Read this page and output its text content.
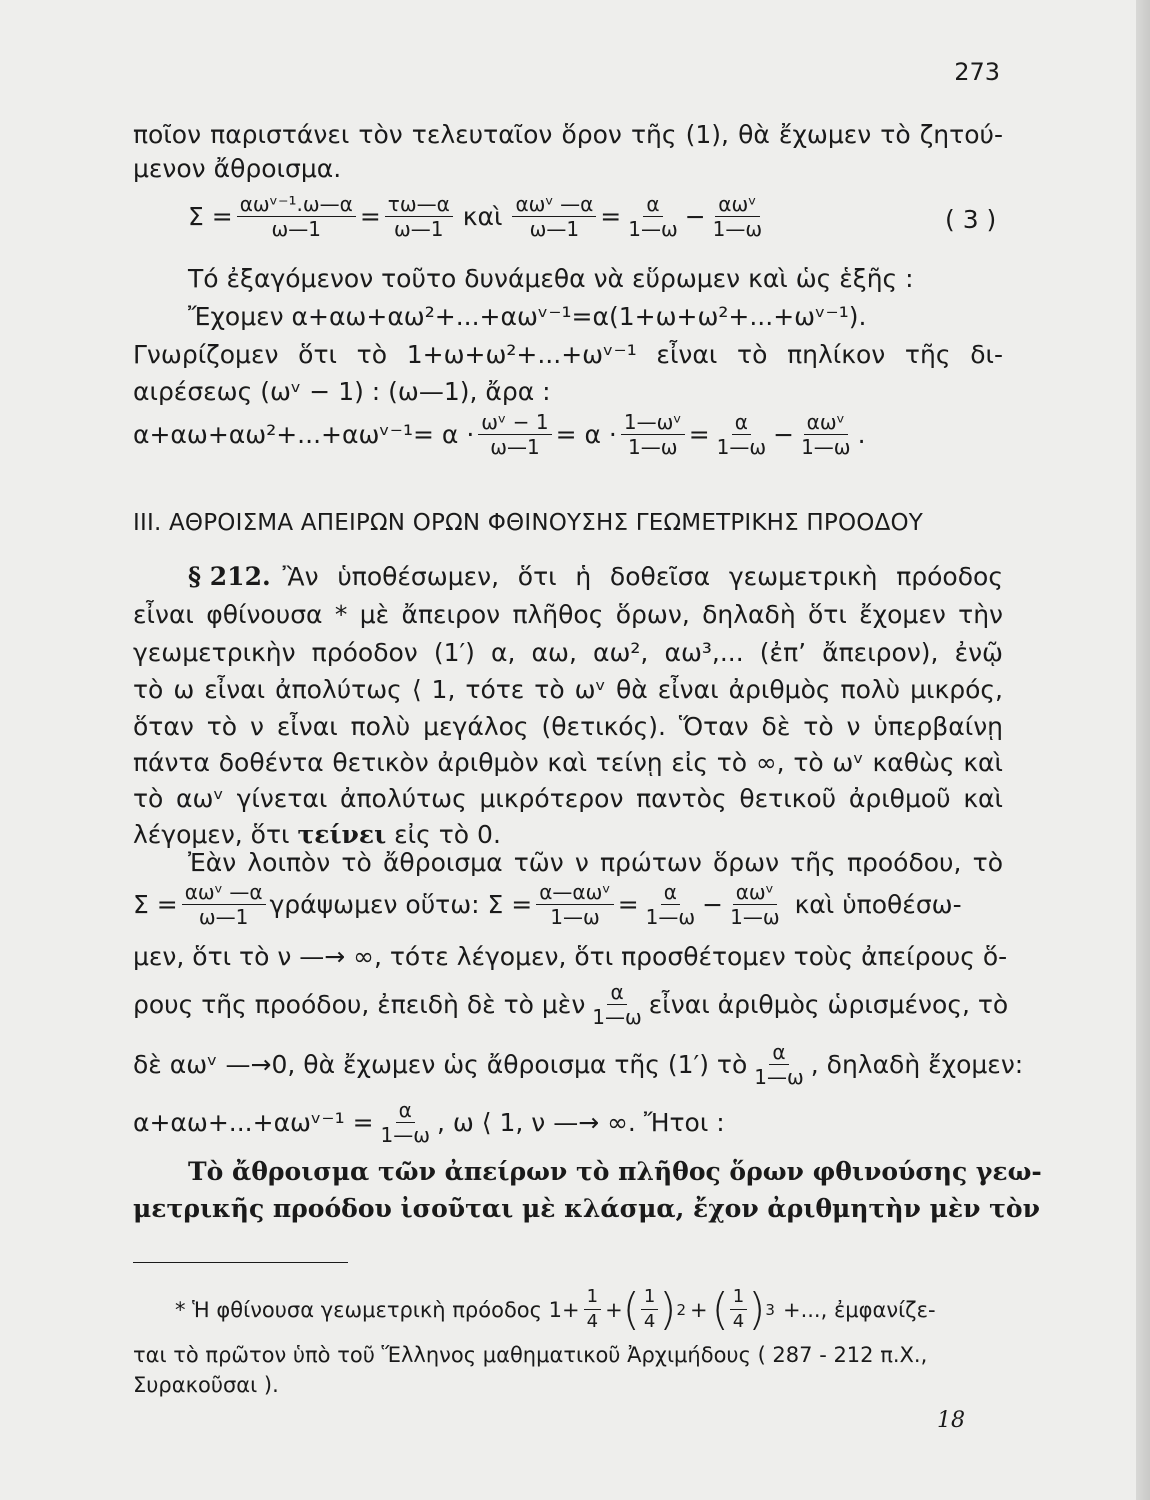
273
ποῖον παριστάνει τὸν τελευταῖον ὅρον τῆς (1), θὰ ἔχωμεν τὸ ζητού-
μενον ἄθροισμα.
$\Sigma = \frac{\text{αωᵛ⁻¹.ω—α}}{\omega—1} = \frac{\tau\omega—\alpha}{\omega—1}$ καὶ $\frac{\text{αωᵛ —α}}{\omega—1} = \frac{\alpha}{1—\omega} - \frac{\text{αωᵛ}}{1—\omega}$	( 3 )
Τό ἐξαγόμενον τοῦτο δυνάμεθα νὰ εὕρωμεν καὶ ὡς ἑξῆς :
Ἔχομεν α+αω+αω²+...+αωᵛ⁻¹=α(1+ω+ω²+...+ωᵛ⁻¹).
Γνωρίζομεν ὅτι τὸ 1+ω+ω²+...+ωᵛ⁻¹ εἶναι τὸ πηλίκον τῆς δι-
αιρέσεως (ωᵛ − 1) : (ω—1), ἄρα :
α+αω+αω²+...+αωᵛ⁻¹= $\alpha \cdot \frac{\text{ωᵛ − 1}}{\omega—1} = \alpha \cdot \frac{\text{1—ωᵛ}}{1—\omega} = \frac{\alpha}{1—\omega} - \frac{\text{αωᵛ}}{1—\omega}$ .
III. ΑΘΡΟΙΣΜΑ ΑΠΕΙΡΩΝ ΟΡΩΝ ΦΘΙΝΟΥΣΗΣ ΓΕΩΜΕΤΡΙΚΗΣ ΠΡΟΟΔΟΥ
§ 212. Ἂν ὑποθέσωμεν, ὅτι ἡ δοθεῖσα γεωμετρικὴ πρόοδος
εἶναι φθίνουσα * μὲ ἄπειρον πλῆθος ὅρων, δηλαδὴ ὅτι ἔχομεν τὴν
γεωμετρικὴν πρόοδον (1′) α, αω, αω², αω³,... (ἐπ’ ἄπειρον), ἐνῷ
τὸ ω εἶναι ἀπολύτως ⟨ 1, τότε τὸ ωᵛ θὰ εἶναι ἀριθμὸς πολὺ μικρός,
ὅταν τὸ ν εἶναι πολὺ μεγάλος (θετικός). Ὅταν δὲ τὸ ν ὑπερβαίνῃ
πάντα δοθέντα θετικὸν ἀριθμὸν καὶ τείνῃ εἰς τὸ ∞, τὸ ωᵛ καθὼς καὶ
τὸ αωᵛ γίνεται ἀπολύτως μικρότερον παντὸς θετικοῦ ἀριθμοῦ καὶ
λέγομεν, ὅτι τείνει εἰς τὸ 0.
Ἐὰν λοιπὸν τὸ ἄθροισμα τῶν ν πρώτων ὅρων τῆς προόδου, τὸ
$\Sigma = \frac{\text{αωᵛ —α}}{\omega—1}$ γράψωμεν οὕτω: $\Sigma = \frac{\text{α—αωᵛ}}{1—\omega} = \frac{\alpha}{1—\omega} - \frac{\text{αωᵛ}}{1—\omega}$ καὶ ὑποθέσω-
μεν, ὅτι τὸ ν —→ ∞, τότε λέγομεν, ὅτι προσθέτομεν τοὺς ἀπείρους ὅ-
ρους τῆς προόδου, ἐπειδὴ δὲ τὸ μὲν $\frac{\alpha}{1—\omega}$ εἶναι ἀριθμὸς ὡρισμένος, τὸ
δὲ αωᵛ —→0, θὰ ἔχωμεν ὡς ἄθροισμα τῆς (1′) τὸ $\frac{\alpha}{1—\omega}$ , δηλαδὴ ἔχομεν:
α+αω+...+αωᵛ⁻¹ = $\frac{\alpha}{1—\omega}$ , ω ⟨ 1, ν —→ ∞. Ἤτοι :
Τὸ ἄθροισμα τῶν ἀπείρων τὸ πλῆθος ὅρων φθινούσης γεω-
μετρικῆς προόδου ἰσοῦται μὲ κλάσμα, ἔχον ἀριθμητὴν μὲν τὸν
* Ἡ φθίνουσα γεωμετρικὴ πρόοδος $1+ \frac{1}{4}$ + ( $\frac{1}{4}$ ) 2 + ( $\frac{1}{4}$ ) 3 +..., ἐμφανίζε-
ται τὸ πρῶτον ὑπὸ τοῦ Ἕλληνος μαθηματικοῦ Ἀρχιμήδους ( 287 - 212 π.Χ.,
Συρακοῦσαι ).
18
